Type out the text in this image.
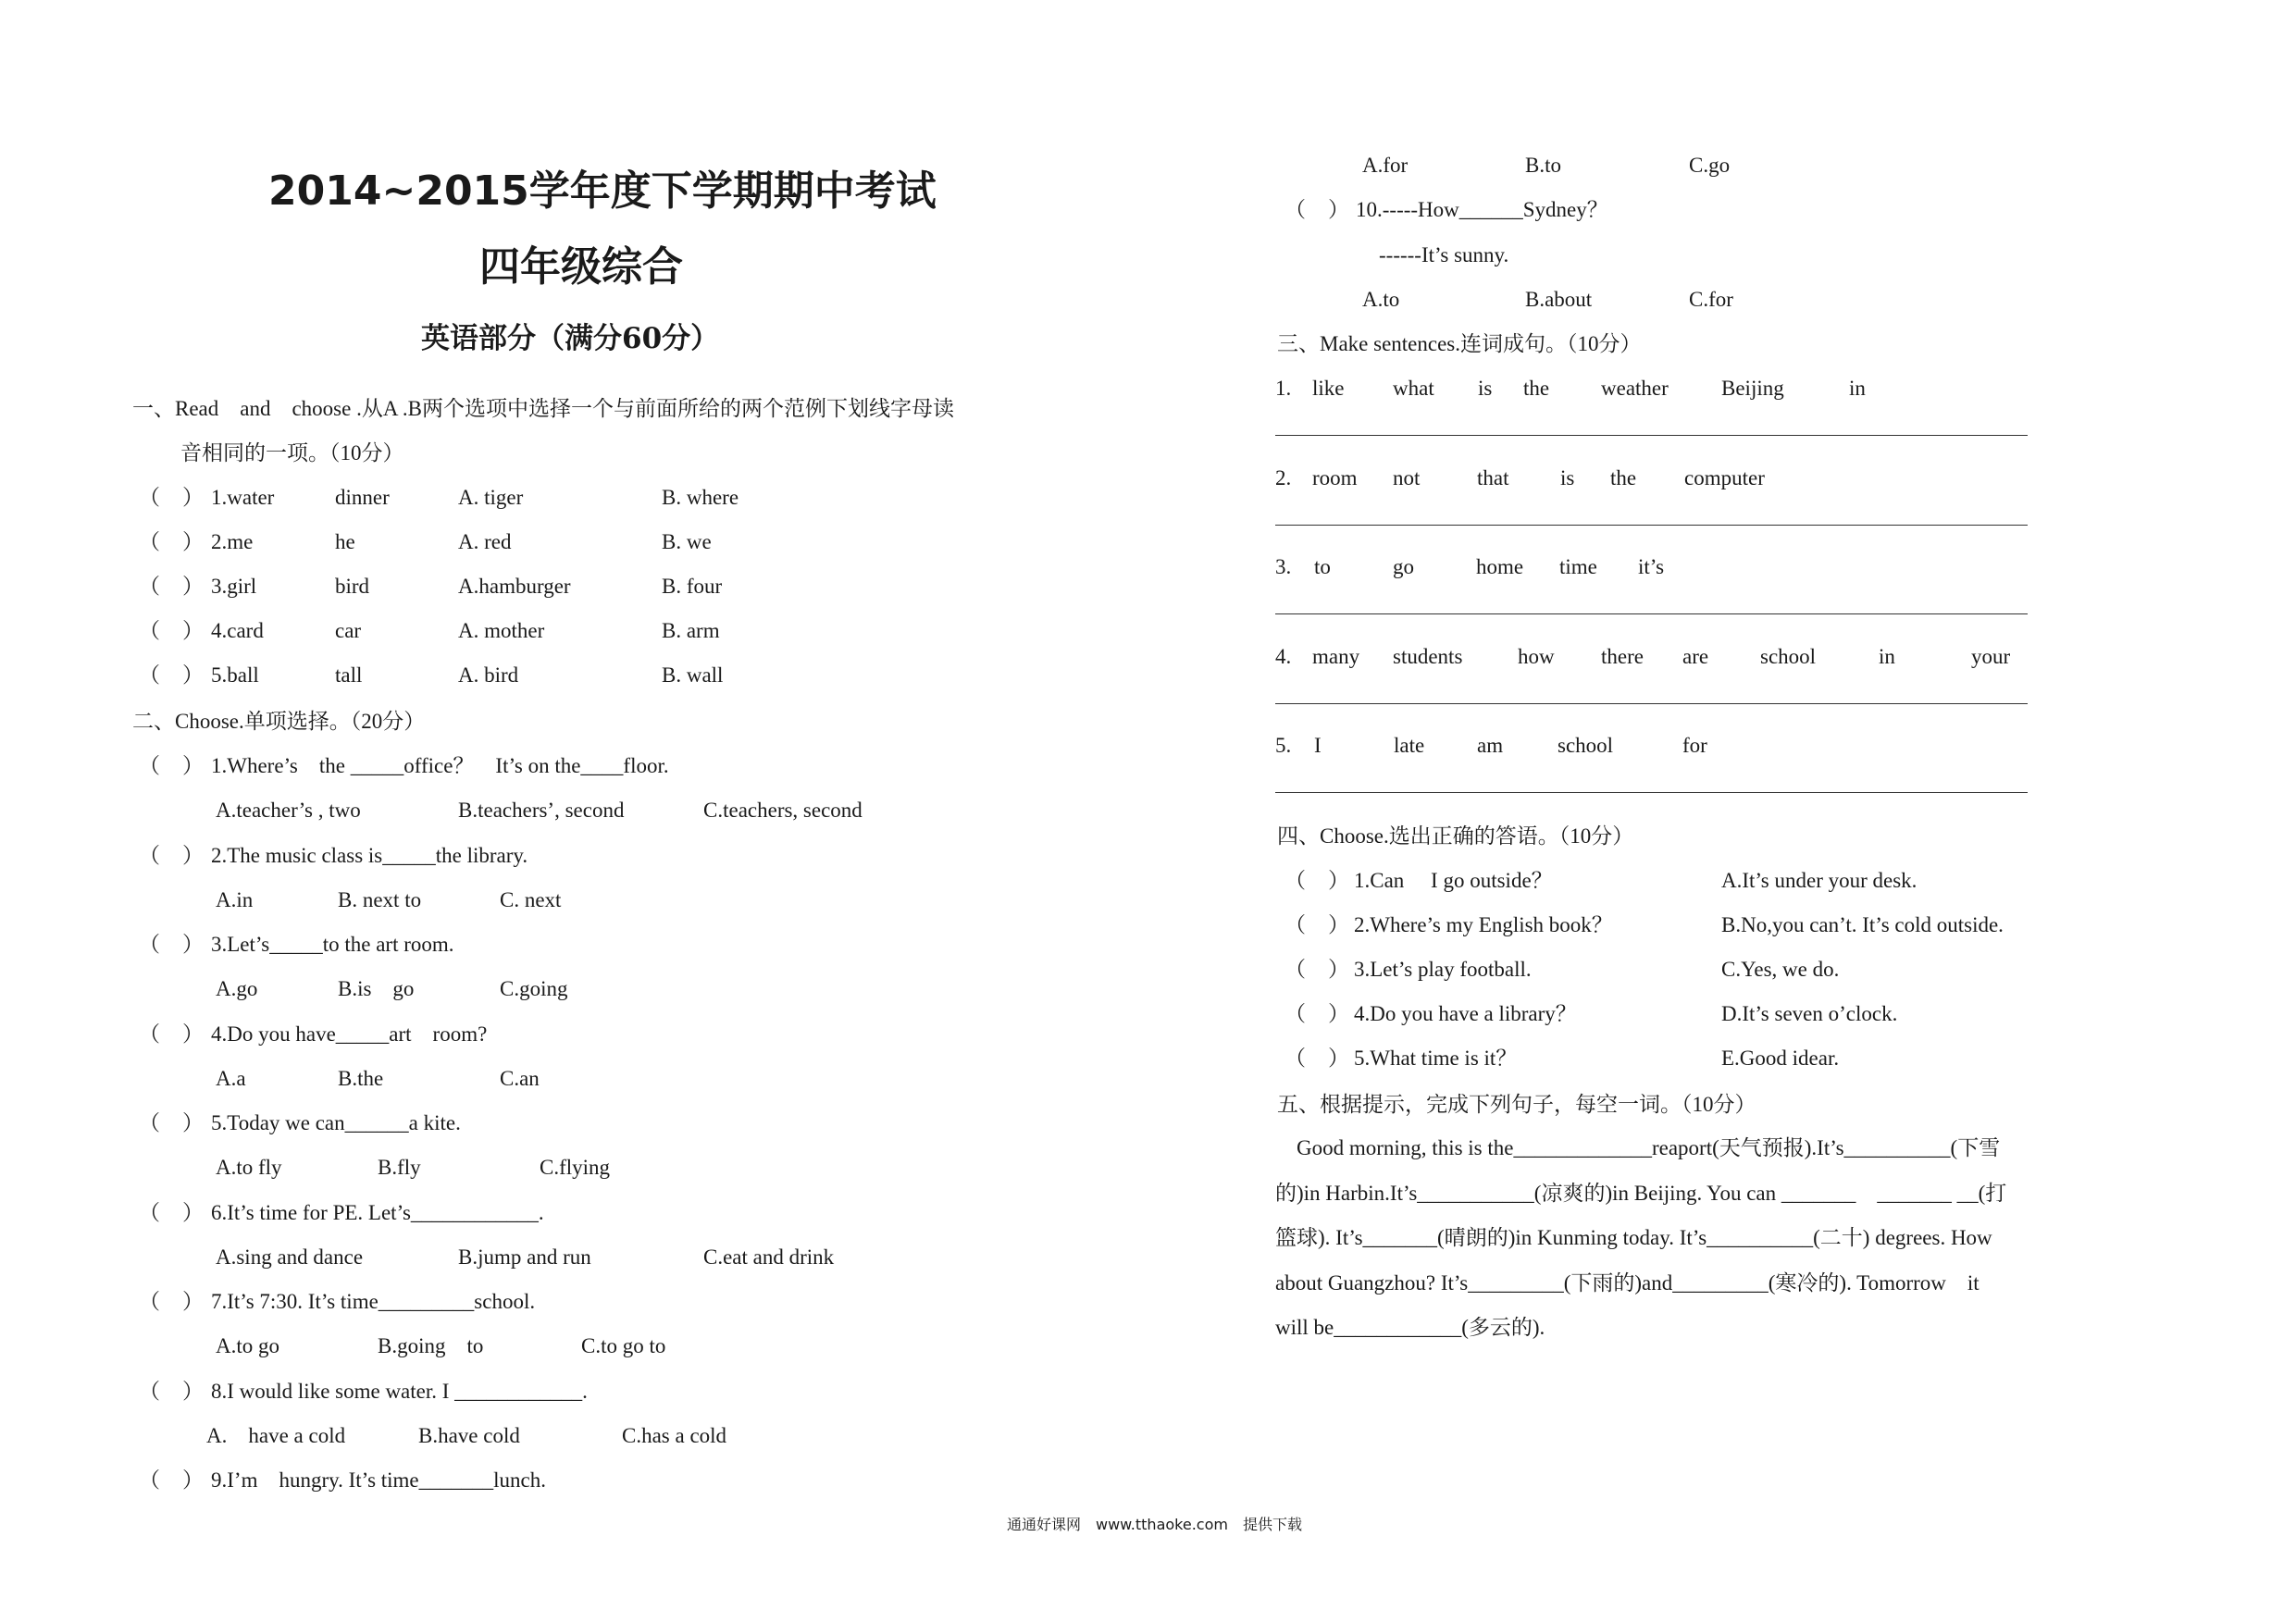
2014~2015学年度下学期期中考试
四年级综合
英语部分（满分60分）
一、Read　and　choose .从A .B两个选项中选择一个与前面所给的两个范例下划线字母读
音相同的一项。（10分）
（ ） 1.water	dinner	A. tiger	B. where
（ ） 2.me	he	A. red	B. we
（ ） 3.girl	bird	A.hamburger	B. four
（ ） 4.card	car	A. mother	B. arm
（ ） 5.ball	tall	A. bird	B. wall
二、Choose.单项选择。（20分）
（ ） 1.Where’s　the _____office？　It’s on the____floor.
A.teacher’s , two	B.teachers’, second	C.teachers, second
（ ） 2.The music class is_____the library.
A.in	B. next to	C. next
（ ） 3.Let’s_____to the art room.
A.go	B.is　go	C.going
（ ） 4.Do you have_____art　room?
A.a	B.the	C.an
（ ） 5.Today we can______a kite.
A.to fly	B.fly	C.flying
（ ） 6.It’s time for PE. Let’s____________.
A.sing and dance	B.jump and run	C.eat and drink
（ ） 7.It’s 7:30. It’s time_________school.
A.to go	B.going　to	C.to go to
（ ） 8.I would like some water. I ____________.
A.　have a cold	B.have cold	C.has a cold
（ ） 9.I’m　hungry. It’s time_______lunch.
A.for	B.to	C.go
（ ） 10.-----How______Sydney？
------It’s sunny.
A.to	B.about	C.for
三、Make sentences.连词成句。（10分）
1. like what is the weather Beijing	in
2. room not	that is the computer
3. to	go	home time it’s
4. many students	how there are school	in	your
5. I	late am	school	for
四、Choose.选出正确的答语。（10分）
（ ） 1.Can　 I go outside？	A.It’s under your desk.
（ ） 2.Where’s my English book？	B.No,you can’t. It’s cold outside.
（ ） 3.Let’s play football.	C.Yes, we do.
（ ） 4.Do you have a library？	D.It’s seven o’clock.
（ ） 5.What time is it？	E.Good idear.
五、根据提示，完成下列句子，每空一词。（10分）
　Good morning, this is the_____________reaport(天气预报).It’s__________(下雪
的)in Harbin.It’s___________(凉爽的)in Beijing. You can _______　_______ __(打
篮球). It’s_______(晴朗的)in Kunming today. It’s__________(二十) degrees. How
about Guangzhou? It’s_________(下雨的)and_________(寒冷的). Tomorrow　it
will be____________(多云的).
通通好课网　www.tthaoke.com　提供下载
